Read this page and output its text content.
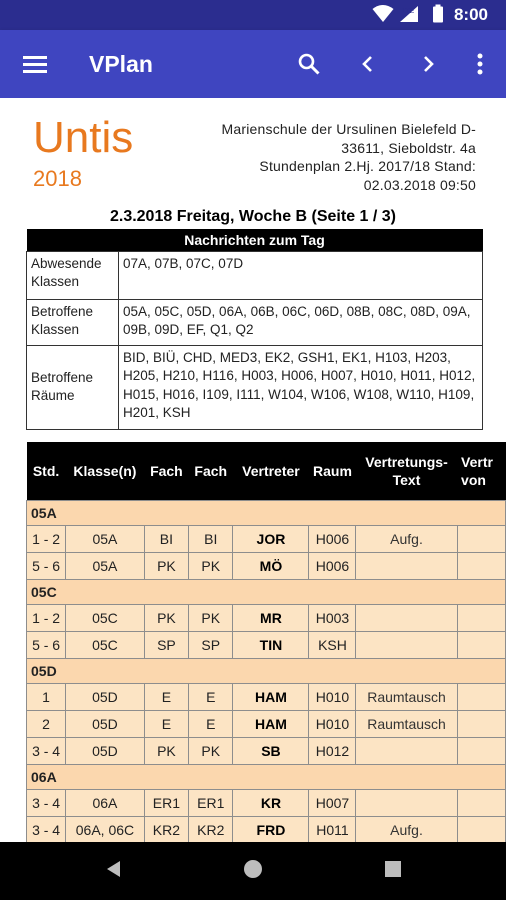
LTE 8:00
VPlan
Untis
2018
Marienschule der Ursulinen Bielefeld D-
33611, Sieboldstr. 4a
Stundenplan 2.Hj. 2017/18 Stand:
02.03.2018 09:50
2.3.2018 Freitag, Woche B (Seite 1 / 3)
Nachrichten zum Tag	
Abwesende Klassen	07A, 07B, 07C, 07D
Betroffene Klassen	05A, 05C, 05D, 06A, 06B, 06C, 06D, 08B, 08C, 08D, 09A, 09B, 09D, EF, Q1, Q2
Betroffene Räume	BID, BIÜ, CHD, MED3, EK2, GSH1, EK1, H103, H203, H205, H210, H116, H003, H006, H007, H010, H011, H012, H015, H016, I109, I111, W104, W106, W108, W110, H109, H201, KSH
Std.	Klasse(n)	Fach	Fach	Vertreter	Raum	Vertretungs-Text	Vertr von
05A							
1 - 2	05A	BI	BI	JOR	H006	Aufg.	
5 - 6	05A	PK	PK	MÖ	H006		
05C							
1 - 2	05C	PK	PK	MR	H003		
5 - 6	05C	SP	SP	TIN	KSH		
05D							
1	05D	E	E	HAM	H010	Raumtausch	
2	05D	E	E	HAM	H010	Raumtausch	
3 - 4	05D	PK	PK	SB	H012		
06A							
3 - 4	06A	ER1	ER1	KR	H007		
3 - 4	06A, 06C	KR2	KR2	FRD	H011	Aufg.	
